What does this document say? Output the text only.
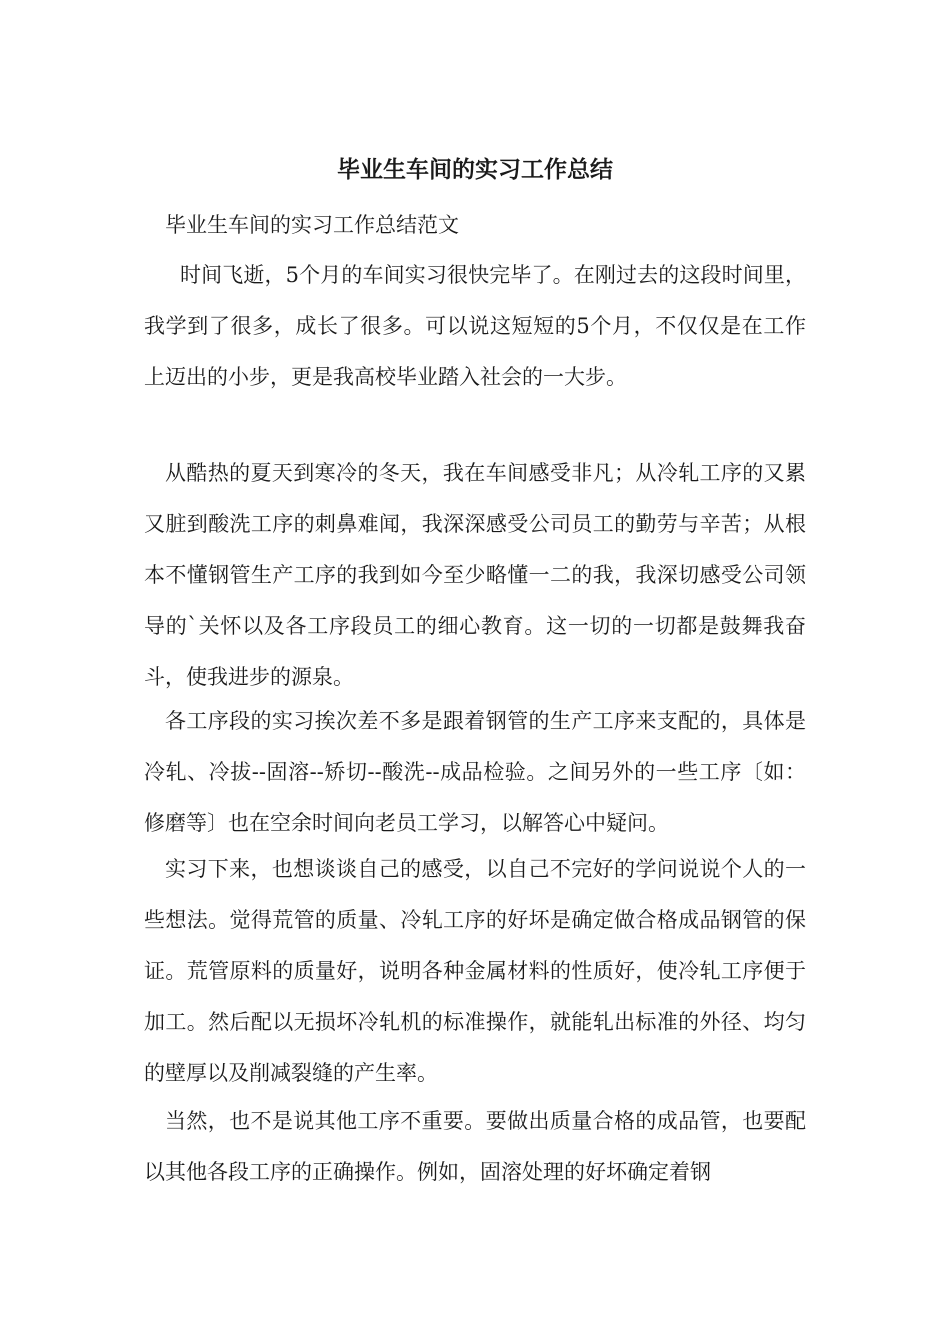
毕业生车间的实习工作总结

毕业生车间的实习工作总结范文

时间飞逝，5个月的车间实习很快完毕了。在刚过去的这段时间里，我学到了很多，成长了很多。可以说这短短的5个月，不仅仅是在工作上迈出的小步，更是我高校毕业踏入社会的一大步。

从酷热的夏天到寒冷的冬天，我在车间感受非凡；从冷轧工序的又累又脏到酸洗工序的刺鼻难闻，我深深感受公司员工的勤劳与辛苦；从根本不懂钢管生产工序的我到如今至少略懂一二的我，我深切感受公司领导的`关怀以及各工序段员工的细心教育。这一切的一切都是鼓舞我奋斗，使我进步的源泉。

各工序段的实习挨次差不多是跟着钢管的生产工序来支配的，具体是冷轧、冷拔--固溶--矫切--酸洗--成品检验。之间另外的一些工序〔如：修磨等〕也在空余时间向老员工学习，以解答心中疑问。

实习下来，也想谈谈自己的感受，以自己不完好的学问说说个人的一些想法。觉得荒管的质量、冷轧工序的好坏是确定做合格成品钢管的保证。荒管原料的质量好，说明各种金属材料的性质好，使冷轧工序便于加工。然后配以无损坏冷轧机的标准操作，就能轧出标准的外径、均匀的壁厚以及削减裂缝的产生率。

当然，也不是说其他工序不重要。要做出质量合格的成品管，也要配以其他各段工序的正确操作。例如，固溶处理的好坏确定着钢
